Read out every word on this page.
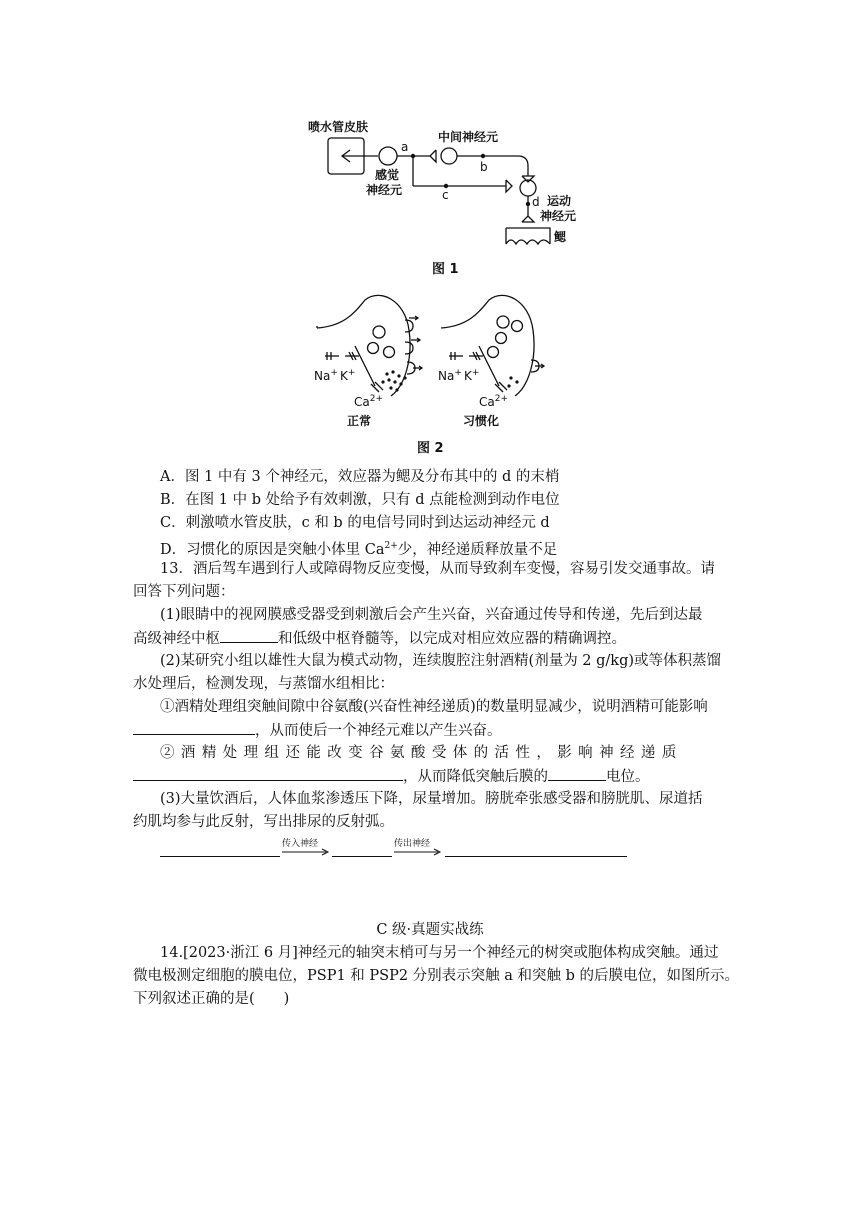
喷水管皮肤
中间神经元
a
b
c	d
感觉
神经元
运动
神经元
鳃
图 1
Na+ K+
$Ca^{2+}$
正常
Na+ K+
$Ca^{2+}$
习惯化
图 2
A．图 1 中有 3 个神经元，效应器为鳃及分布其中的 d 的末梢
B．在图 1 中 b 处给予有效刺激，只有 d 点能检测到动作电位
C．刺激喷水管皮肤，c 和 b 的电信号同时到达运动神经元 d
D．习惯化的原因是突触小体里 $Ca^{2+}$少，神经递质释放量不足
13．酒后驾车遇到行人或障碍物反应变慢，从而导致刹车变慢，容易引发交通事故。请
回答下列问题：
(1)眼睛中的视网膜感受器受到刺激后会产生兴奋，兴奋通过传导和传递，先后到达最
高级神经中枢	和低级中枢脊髓等，以完成对相应效应器的精确调控。
(2)某研究小组以雄性大鼠为模式动物，连续腹腔注射酒精(剂量为 2 g/kg)或等体积蒸馏
水处理后，检测发现，与蒸馏水组相比：
①酒精处理组突触间隙中谷氨酸(兴奋性神经递质)的数量明显减少，说明酒精可能影响
，从而使后一个神经元难以产生兴奋。
② 酒 精 处 理 组 还 能 改 变 谷 氨 酸 受 体 的 活 性 ， 影 响 神 经 递 质
，从而降低突触后膜的	电位。
(3)大量饮酒后，人体血浆渗透压下降，尿量增加。膀胱牵张感受器和膀胱肌、尿道括
约肌均参与此反射，写出排尿的反射弧。
传入神经	传出神经
C 级·真题实战练
14.[2023·浙江 6 月]神经元的轴突末梢可与另一个神经元的树突或胞体构成突触。通过
微电极测定细胞的膜电位，PSP1 和 PSP2 分别表示突触 a 和突触 b 的后膜电位，如图所示。
下列叙述正确的是(　　)
